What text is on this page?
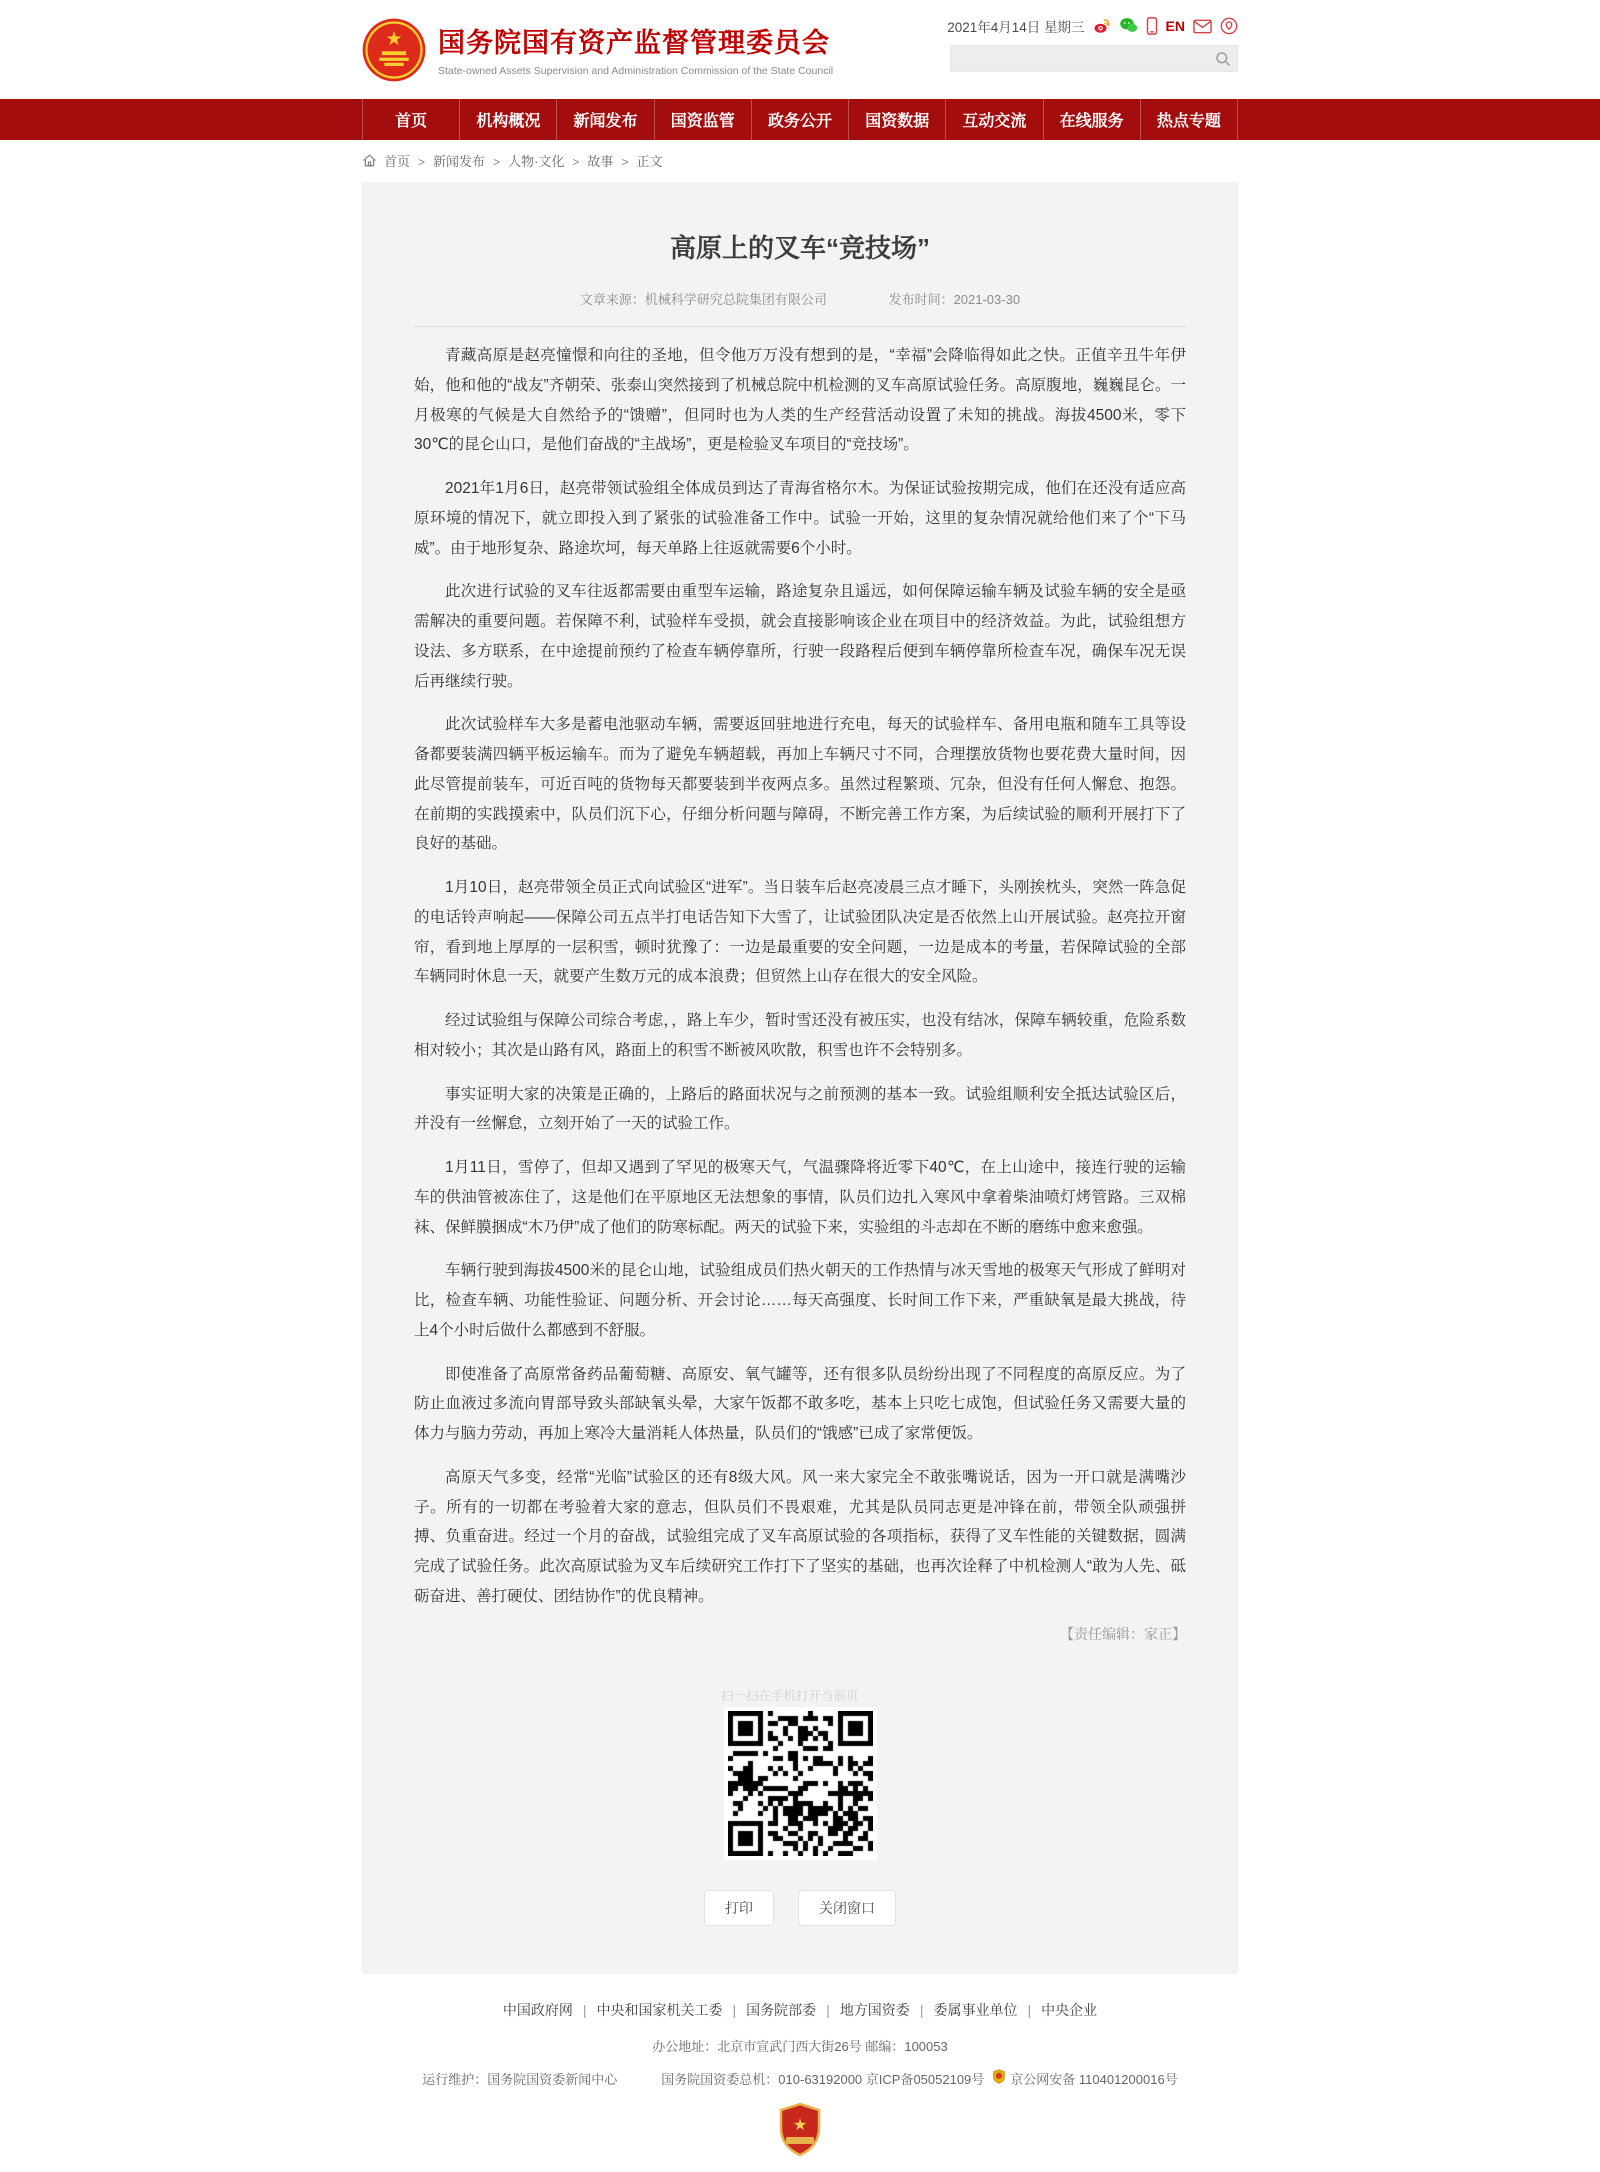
★ 国务院国有资产监督管理委员会
State-owned Assets Supervision and Administration Commission of the State Council
2021年4月14日 星期三	EN
首页	机构概况	新闻发布	国资监管	政务公开	国资数据	互动交流	在线服务	热点专题
首页	> 新闻发布	> 人物·文化	> 故事	> 正文
高原上的叉车“竞技场”
文章来源：机械科学研究总院集团有限公司	发布时间：2021-03-30

青藏高原是赵亮憧憬和向往的圣地，但令他万万没有想到的是，“幸福”会降临得如此之快。正值辛丑牛年伊始，他和他的“战友”齐朝荣、张泰山突然接到了机械总院中机检测的叉车高原试验任务。高原腹地，巍巍昆仑。一月极寒的气候是大自然给予的“馈赠”，但同时也为人类的生产经营活动设置了未知的挑战。海拔4500米，零下30℃的昆仑山口，是他们奋战的“主战场”，更是检验叉车项目的“竞技场”。

2021年1月6日，赵亮带领试验组全体成员到达了青海省格尔木。为保证试验按期完成，他们在还没有适应高原环境的情况下，就立即投入到了紧张的试验准备工作中。试验一开始，这里的复杂情况就给他们来了个“下马威”。由于地形复杂、路途坎坷，每天单路上往返就需要6个小时。

此次进行试验的叉车往返都需要由重型车运输，路途复杂且遥远，如何保障运输车辆及试验车辆的安全是亟需解决的重要问题。若保障不利，试验样车受损，就会直接影响该企业在项目中的经济效益。为此，试验组想方设法、多方联系，在中途提前预约了检查车辆停靠所，行驶一段路程后便到车辆停靠所检查车况，确保车况无误后再继续行驶。

此次试验样车大多是蓄电池驱动车辆，需要返回驻地进行充电，每天的试验样车、备用电瓶和随车工具等设备都要装满四辆平板运输车。而为了避免车辆超载，再加上车辆尺寸不同，合理摆放货物也要花费大量时间，因此尽管提前装车，可近百吨的货物每天都要装到半夜两点多。虽然过程繁琐、冗杂，但没有任何人懈怠、抱怨。在前期的实践摸索中，队员们沉下心，仔细分析问题与障碍，不断完善工作方案，为后续试验的顺利开展打下了良好的基础。

1月10日，赵亮带领全员正式向试验区“进军”。当日装车后赵亮凌晨三点才睡下，头刚挨枕头，突然一阵急促的电话铃声响起——保障公司五点半打电话告知下大雪了，让试验团队决定是否依然上山开展试验。赵亮拉开窗帘，看到地上厚厚的一层积雪，顿时犹豫了：一边是最重要的安全问题，一边是成本的考量，若保障试验的全部车辆同时休息一天，就要产生数万元的成本浪费；但贸然上山存在很大的安全风险。

经过试验组与保障公司综合考虑，，路上车少，暂时雪还没有被压实，也没有结冰，保障车辆较重，危险系数相对较小；其次是山路有风，路面上的积雪不断被风吹散，积雪也许不会特别多。

事实证明大家的决策是正确的，上路后的路面状况与之前预测的基本一致。试验组顺利安全抵达试验区后，并没有一丝懈怠，立刻开始了一天的试验工作。

1月11日，雪停了，但却又遇到了罕见的极寒天气，气温骤降将近零下40℃，在上山途中，接连行驶的运输车的供油管被冻住了，这是他们在平原地区无法想象的事情，队员们边扎入寒风中拿着柴油喷灯烤管路。三双棉袜、保鲜膜捆成“木乃伊”成了他们的防寒标配。两天的试验下来，实验组的斗志却在不断的磨练中愈来愈强。

车辆行驶到海拔4500米的昆仑山地，试验组成员们热火朝天的工作热情与冰天雪地的极寒天气形成了鲜明对比，检查车辆、功能性验证、问题分析、开会讨论……每天高强度、长时间工作下来，严重缺氧是最大挑战，待上4个小时后做什么都感到不舒服。

即使准备了高原常备药品葡萄糖、高原安、氧气罐等，还有很多队员纷纷出现了不同程度的高原反应。为了防止血液过多流向胃部导致头部缺氧头晕，大家午饭都不敢多吃，基本上只吃七成饱，但试验任务又需要大量的体力与脑力劳动，再加上寒冷大量消耗人体热量，队员们的“饿感”已成了家常便饭。

高原天气多变，经常“光临”试验区的还有8级大风。风一来大家完全不敢张嘴说话，因为一开口就是满嘴沙子。所有的一切都在考验着大家的意志，但队员们不畏艰难，尤其是队员同志更是冲锋在前，带领全队顽强拼搏、负重奋进。经过一个月的奋战，试验组完成了叉车高原试验的各项指标，获得了叉车性能的关键数据，圆满完成了试验任务。此次高原试验为叉车后续研究工作打下了坚实的基础，也再次诠释了中机检测人“敢为人先、砥砺奋进、善打硬仗、团结协作”的优良精神。

【责任编辑：家正】
扫一扫在手机打开当前页
打印	关闭窗口
中国政府网	| 中央和国家机关工委	| 国务院部委	| 地方国资委	| 委属事业单位	| 中央企业
办公地址：北京市宣武门西大街26号 邮编：100053
运行维护：国务院国资委新闻中心	国务院国资委总机：010-63192000 京ICP备05052109号 京公网安备 110401200016号
★
